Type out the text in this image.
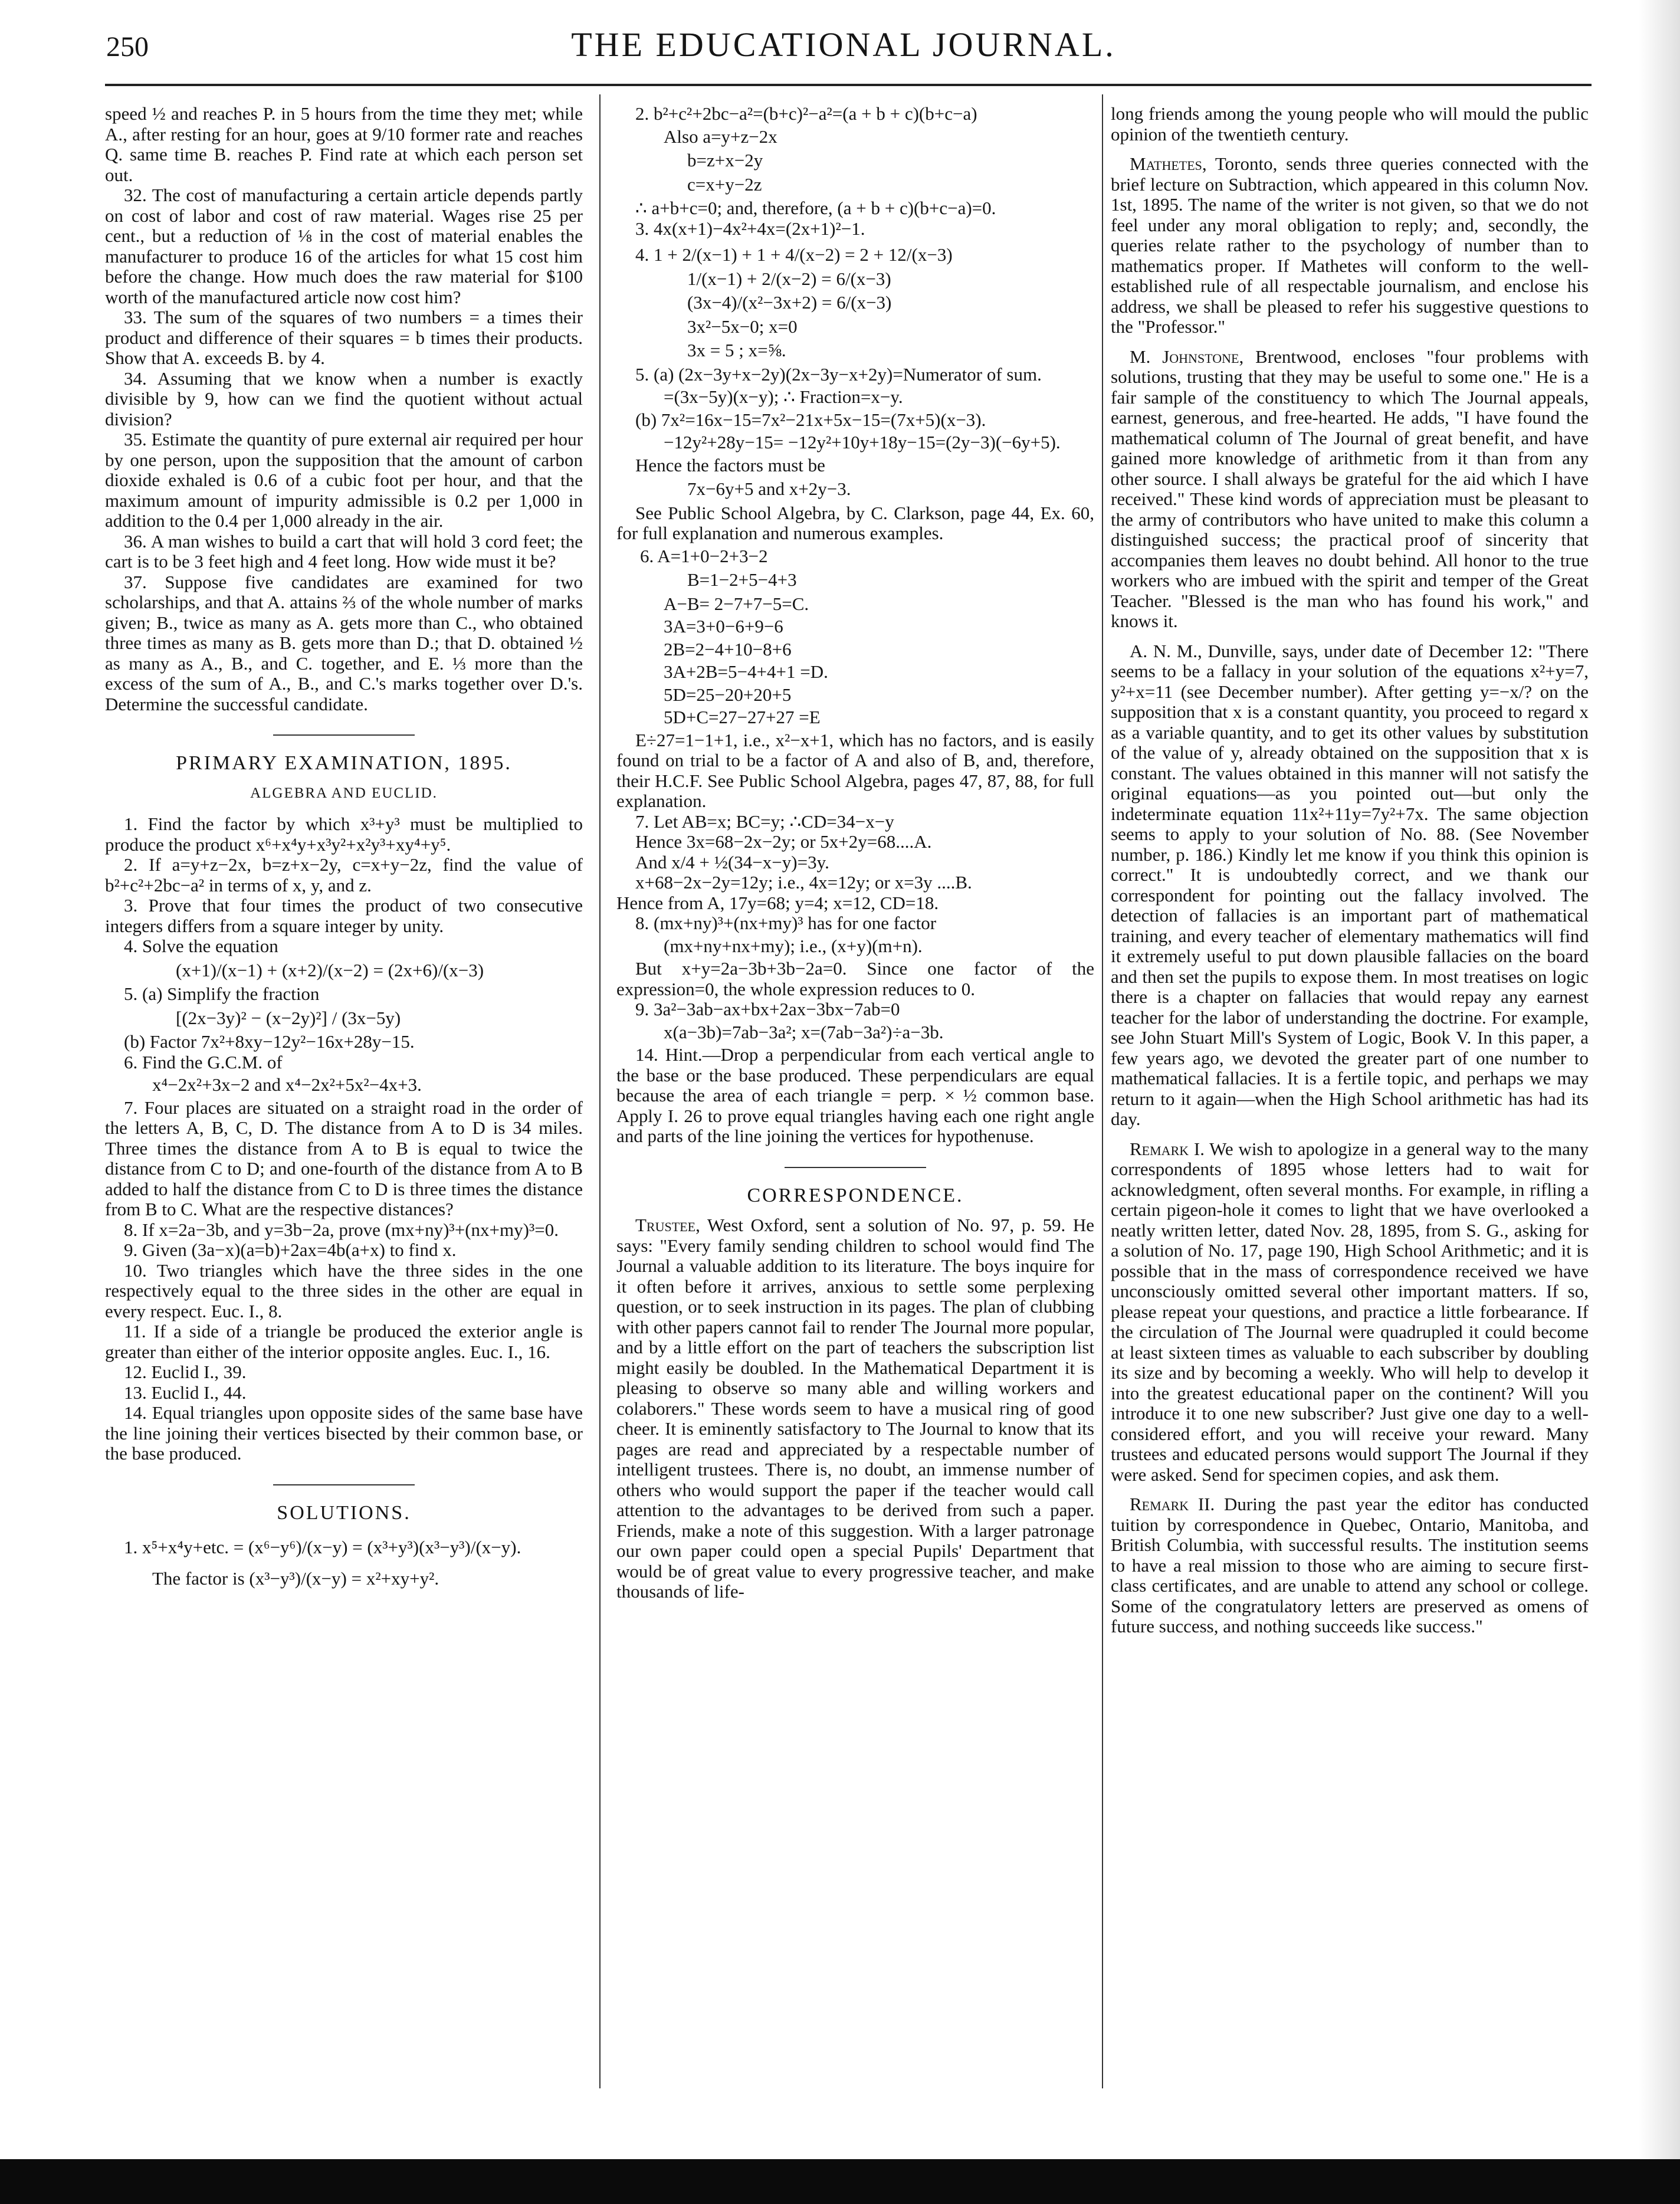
250	THE EDUCATIONAL JOURNAL.

speed ½ and reaches P. in 5 hours from the time they met; while A., after resting for an hour, goes at 9/10 former rate and reaches Q. same time B. reaches P. Find rate at which each person set out.

32. The cost of manufacturing a certain article depends partly on cost of labor and cost of raw material. Wages rise 25 per cent., but a reduction of ⅛ in the cost of material enables the manufacturer to produce 16 of the articles for what 15 cost him before the change. How much does the raw material for $100 worth of the manufactured article now cost him?

33. The sum of the squares of two numbers = a times their product and difference of their squares = b times their products. Show that A. exceeds B. by 4.

34. Assuming that we know when a number is exactly divisible by 9, how can we find the quotient without actual division?

35. Estimate the quantity of pure external air required per hour by one person, upon the supposition that the amount of carbon dioxide exhaled is 0.6 of a cubic foot per hour, and that the maximum amount of impurity admissible is 0.2 per 1,000 in addition to the 0.4 per 1,000 already in the air.

36. A man wishes to build a cart that will hold 3 cord feet; the cart is to be 3 feet high and 4 feet long. How wide must it be?

37. Suppose five candidates are examined for two scholarships, and that A. attains ⅔ of the whole number of marks given; B., twice as many as A. gets more than C., who obtained three times as many as B. gets more than D.; that D. obtained ½ as many as A., B., and C. together, and E. ⅓ more than the excess of the sum of A., B., and C.'s marks together over D.'s. Determine the successful candidate.

PRIMARY EXAMINATION, 1895.

ALGEBRA AND EUCLID.

1. Find the factor by which x³+y³ must be multiplied to produce the product x⁶+x⁴y+x³y²+x²y³+xy⁴+y⁵.

2. If a=y+z−2x, b=z+x−2y, c=x+y−2z, find the value of b²+c²+2bc−a² in terms of x, y, and z.

3. Prove that four times the product of two consecutive integers differs from a square integer by unity.

4. Solve the equation

(x+1)/(x−1) + (x+2)/(x−2) = (2x+6)/(x−3)

5. (a) Simplify the fraction

[(2x−3y)² − (x−2y)²] / (3x−5y)

(b) Factor 7x²+8xy−12y²−16x+28y−15.

6. Find the G.C.M. of

x⁴−2x²+3x−2 and x⁴−2x²+5x²−4x+3.

7. Four places are situated on a straight road in the order of the letters A, B, C, D. The distance from A to D is 34 miles. Three times the distance from A to B is equal to twice the distance from C to D; and one-fourth of the distance from A to B added to half the distance from C to D is three times the distance from B to C. What are the respective distances?

8. If x=2a−3b, and y=3b−2a, prove (mx+ny)³+(nx+my)³=0.

9. Given (3a−x)(a=b)+2ax=4b(a+x) to find x.

10. Two triangles which have the three sides in the one respectively equal to the three sides in the other are equal in every respect. Euc. I., 8.

11. If a side of a triangle be produced the exterior angle is greater than either of the interior opposite angles. Euc. I., 16.

12. Euclid I., 39.

13. Euclid I., 44.

14. Equal triangles upon opposite sides of the same base have the line joining their vertices bisected by their common base, or the base produced.

SOLUTIONS.

1. x⁵+x⁴y+etc. = (x⁶−y⁶)/(x−y) = (x³+y³)(x³−y³)/(x−y).

The factor is (x³−y³)/(x−y) = x²+xy+y².

2. b²+c²+2bc−a²=(b+c)²−a²=(a + b + c)(b+c−a)

Also a=y+z−2x

b=z+x−2y

c=x+y−2z

∴ a+b+c=0; and, therefore, (a + b + c)(b+c−a)=0.

3. 4x(x+1)−4x²+4x=(2x+1)²−1.

4. 1 + 2/(x−1) + 1 + 4/(x−2) = 2 + 12/(x−3)

1/(x−1) + 2/(x−2) = 6/(x−3)

(3x−4)/(x²−3x+2) = 6/(x−3)

3x²−5x−0; x=0

3x = 5 ; x=⅝.

5. (a) (2x−3y+x−2y)(2x−3y−x+2y)=Numerator of sum.

=(3x−5y)(x−y); ∴ Fraction=x−y.

(b) 7x²=16x−15=7x²−21x+5x−15=(7x+5)(x−3).

−12y²+28y−15= −12y²+10y+18y−15=(2y−3)(−6y+5).

Hence the factors must be

7x−6y+5 and x+2y−3.

See Public School Algebra, by C. Clarkson, page 44, Ex. 60, for full explanation and numerous examples.

6. A=1+0−2+3−2

B=1−2+5−4+3

A−B= 2−7+7−5=C.

3A=3+0−6+9−6

2B=2−4+10−8+6

3A+2B=5−4+4+1 =D.

5D=25−20+20+5

5D+C=27−27+27 =E

E÷27=1−1+1, i.e., x²−x+1, which has no factors, and is easily found on trial to be a factor of A and also of B, and, therefore, their H.C.F. See Public School Algebra, pages 47, 87, 88, for full explanation.

7. Let AB=x; BC=y; ∴CD=34−x−y

Hence 3x=68−2x−2y; or 5x+2y=68....A.

And x/4 + ½(34−x−y)=3y.

x+68−2x−2y=12y; i.e., 4x=12y; or x=3y ....B.

Hence from A, 17y=68; y=4; x=12, CD=18.

8. (mx+ny)³+(nx+my)³ has for one factor

(mx+ny+nx+my); i.e., (x+y)(m+n).

But x+y=2a−3b+3b−2a=0. Since one factor of the expression=0, the whole expression reduces to 0.

9. 3a²−3ab−ax+bx+2ax−3bx−7ab=0

x(a−3b)=7ab−3a²; x=(7ab−3a²)÷a−3b.

14. Hint.—Drop a perpendicular from each vertical angle to the base or the base produced. These perpendiculars are equal because the area of each triangle = perp. × ½ common base. Apply I. 26 to prove equal triangles having each one right angle and parts of the line joining the vertices for hypothenuse.

CORRESPONDENCE.

Trustee, West Oxford, sent a solution of No. 97, p. 59. He says: "Every family sending children to school would find The Journal a valuable addition to its literature. The boys inquire for it often before it arrives, anxious to settle some perplexing question, or to seek instruction in its pages. The plan of clubbing with other papers cannot fail to render The Journal more popular, and by a little effort on the part of teachers the subscription list might easily be doubled. In the Mathematical Department it is pleasing to observe so many able and willing workers and colaborers." These words seem to have a musical ring of good cheer. It is eminently satisfactory to The Journal to know that its pages are read and appreciated by a respectable number of intelligent trustees. There is, no doubt, an immense number of others who would support the paper if the teacher would call attention to the advantages to be derived from such a paper. Friends, make a note of this suggestion. With a larger patronage our own paper could open a special Pupils' Department that would be of great value to every progressive teacher, and make thousands of life-

long friends among the young people who will mould the public opinion of the twentieth century.

Mathetes, Toronto, sends three queries connected with the brief lecture on Subtraction, which appeared in this column Nov. 1st, 1895. The name of the writer is not given, so that we do not feel under any moral obligation to reply; and, secondly, the queries relate rather to the psychology of number than to mathematics proper. If Mathetes will conform to the well-established rule of all respectable journalism, and enclose his address, we shall be pleased to refer his suggestive questions to the "Professor."

M. Johnstone, Brentwood, encloses "four problems with solutions, trusting that they may be useful to some one." He is a fair sample of the constituency to which The Journal appeals, earnest, generous, and free-hearted. He adds, "I have found the mathematical column of The Journal of great benefit, and have gained more knowledge of arithmetic from it than from any other source. I shall always be grateful for the aid which I have received." These kind words of appreciation must be pleasant to the army of contributors who have united to make this column a distinguished success; the practical proof of sincerity that accompanies them leaves no doubt behind. All honor to the true workers who are imbued with the spirit and temper of the Great Teacher. "Blessed is the man who has found his work," and knows it.

A. N. M., Dunville, says, under date of December 12: "There seems to be a fallacy in your solution of the equations x²+y=7, y²+x=11 (see December number). After getting y=−x/? on the supposition that x is a constant quantity, you proceed to regard x as a variable quantity, and to get its other values by substitution of the value of y, already obtained on the supposition that x is constant. The values obtained in this manner will not satisfy the original equations—as you pointed out—but only the indeterminate equation 11x²+11y=7y²+7x. The same objection seems to apply to your solution of No. 88. (See November number, p. 186.) Kindly let me know if you think this opinion is correct." It is undoubtedly correct, and we thank our correspondent for pointing out the fallacy involved. The detection of fallacies is an important part of mathematical training, and every teacher of elementary mathematics will find it extremely useful to put down plausible fallacies on the board and then set the pupils to expose them. In most treatises on logic there is a chapter on fallacies that would repay any earnest teacher for the labor of understanding the doctrine. For example, see John Stuart Mill's System of Logic, Book V. In this paper, a few years ago, we devoted the greater part of one number to mathematical fallacies. It is a fertile topic, and perhaps we may return to it again—when the High School arithmetic has had its day.

Remark I. We wish to apologize in a general way to the many correspondents of 1895 whose letters had to wait for acknowledgment, often several months. For example, in rifling a certain pigeon-hole it comes to light that we have overlooked a neatly written letter, dated Nov. 28, 1895, from S. G., asking for a solution of No. 17, page 190, High School Arithmetic; and it is possible that in the mass of correspondence received we have unconsciously omitted several other important matters. If so, please repeat your questions, and practice a little forbearance. If the circulation of The Journal were quadrupled it could become at least sixteen times as valuable to each subscriber by doubling its size and by becoming a weekly. Who will help to develop it into the greatest educational paper on the continent? Will you introduce it to one new subscriber? Just give one day to a well-considered effort, and you will receive your reward. Many trustees and educated persons would support The Journal if they were asked. Send for specimen copies, and ask them.

Remark II. During the past year the editor has conducted tuition by correspondence in Quebec, Ontario, Manitoba, and British Columbia, with successful results. The institution seems to have a real mission to those who are aiming to secure first-class certificates, and are unable to attend any school or college. Some of the congratulatory letters are preserved as omens of future success, and nothing succeeds like success."
